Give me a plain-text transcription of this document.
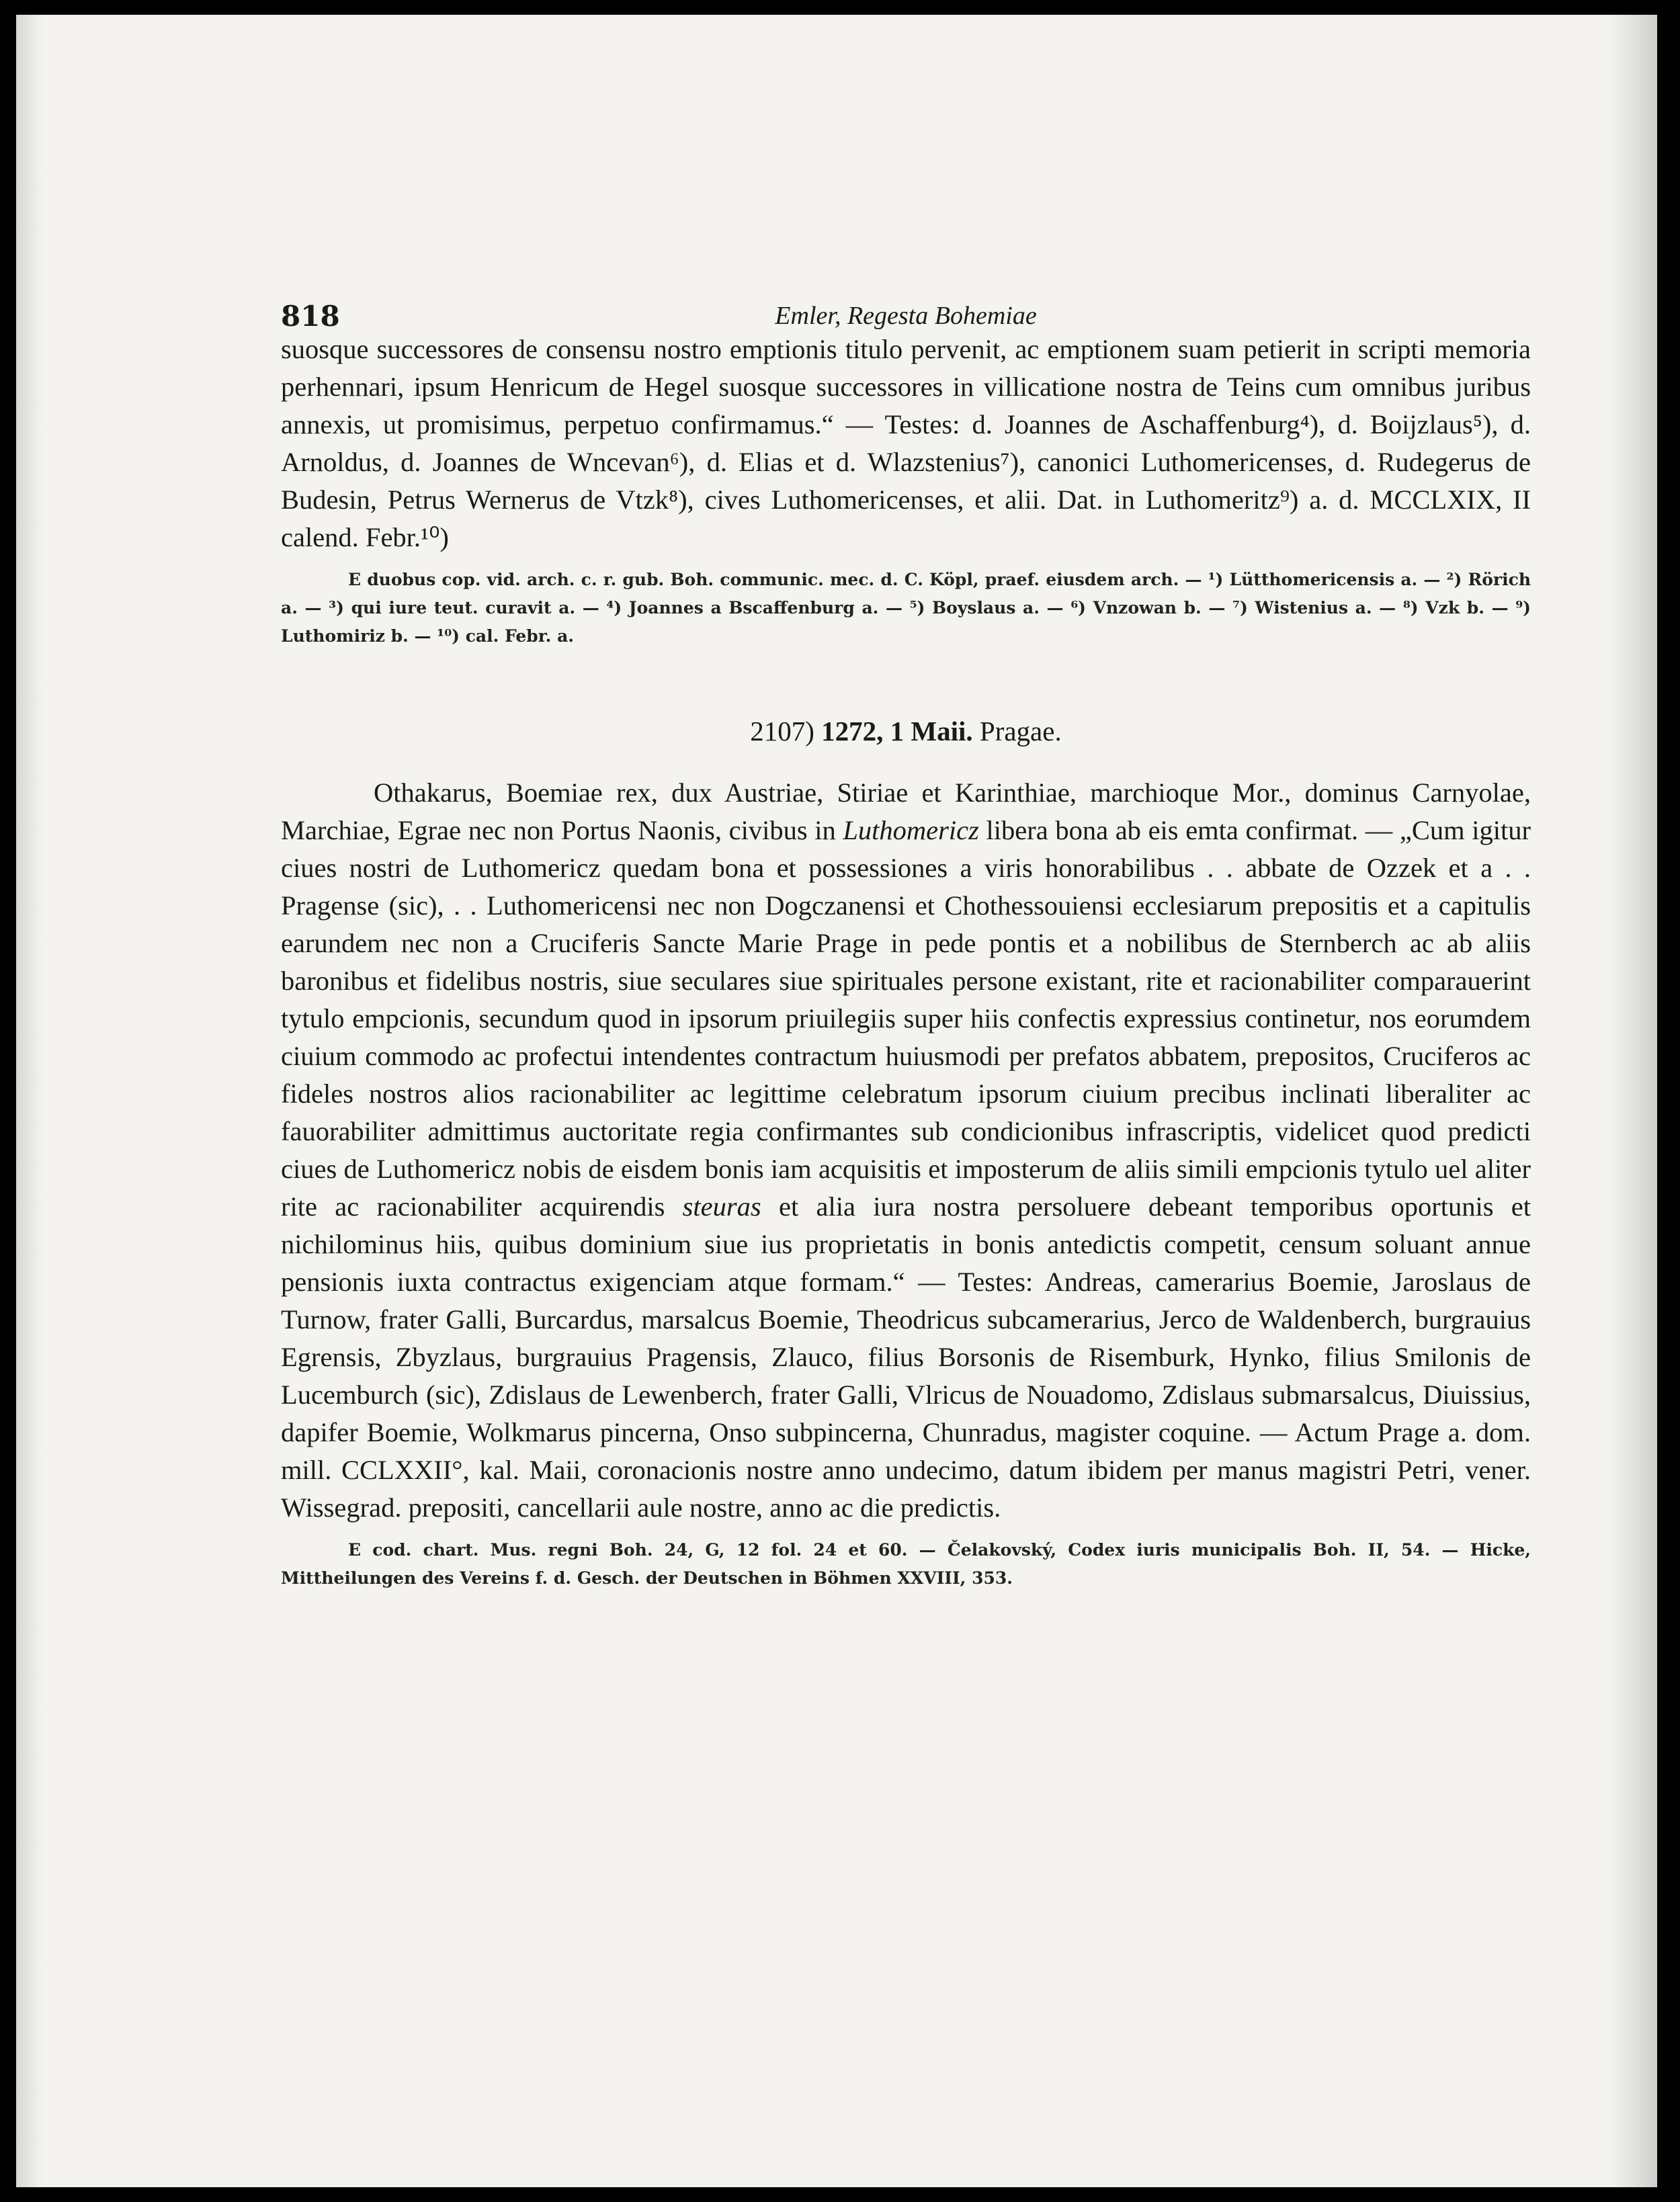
818	Emler, Regesta Bohemiae

suosque successores de consensu nostro emptionis titulo pervenit, ac emptionem suam petierit in scripti memoria perhennari, ipsum Henricum de Hegel suosque successores in villicatione nostra de Teins cum omnibus juribus annexis, ut promisimus, perpetuo confirmamus.“ — Testes: d. Joannes de Aschaffenburg⁴), d. Boijzlaus⁵), d. Arnoldus, d. Joannes de Wncevan⁶), d. Elias et d. Wlazstenius⁷), canonici Luthomericenses, d. Rudegerus de Budesin, Petrus Wernerus de Vtzk⁸), cives Luthomericenses, et alii. Dat. in Luthomeritz⁹) a. d. MCCLXIX, II calend. Febr.¹⁰)

E duobus cop. vid. arch. c. r. gub. Boh. communic. mec. d. C. Köpl, praef. eiusdem arch. — ¹) Lütthomericensis a. — ²) Rörich a. — ³) qui iure teut. curavit a. — ⁴) Joannes a Bscaffenburg a. — ⁵) Boyslaus a. — ⁶) Vnzowan b. — ⁷) Wistenius a. — ⁸) Vzk b. — ⁹) Luthomiriz b. — ¹⁰) cal. Febr. a.

2107) 1272, 1 Maii. Pragae.

Othakarus, Boemiae rex, dux Austriae, Stiriae et Karinthiae, marchioque Mor., dominus Carnyolae, Marchiae, Egrae nec non Portus Naonis, civibus in Luthomericz libera bona ab eis emta confirmat. — „Cum igitur ciues nostri de Luthomericz quedam bona et possessiones a viris honorabilibus . . abbate de Ozzek et a . . Pragense (sic), . . Luthomericensi nec non Dogczanensi et Chothessouiensi ecclesiarum prepositis et a capitulis earundem nec non a Cruciferis Sancte Marie Prage in pede pontis et a nobilibus de Sternberch ac ab aliis baronibus et fidelibus nostris, siue seculares siue spirituales persone existant, rite et racionabiliter comparauerint tytulo empcionis, secundum quod in ipsorum priuilegiis super hiis confectis expressius continetur, nos eorumdem ciuium commodo ac profectui intendentes contractum huiusmodi per prefatos abbatem, prepositos, Cruciferos ac fideles nostros alios racionabiliter ac legittime celebratum ipsorum ciuium precibus inclinati liberaliter ac fauorabiliter admittimus auctoritate regia confirmantes sub condicionibus infrascriptis, videlicet quod predicti ciues de Luthomericz nobis de eisdem bonis iam acquisitis et imposterum de aliis simili empcionis tytulo uel aliter rite ac racionabiliter acquirendis steuras et alia iura nostra persoluere debeant temporibus oportunis et nichilominus hiis, quibus dominium siue ius proprietatis in bonis antedictis competit, censum soluant annue pensionis iuxta contractus exigenciam atque formam.“ — Testes: Andreas, camerarius Boemie, Jaroslaus de Turnow, frater Galli, Burcardus, marsalcus Boemie, Theodricus subcamerarius, Jerco de Waldenberch, burgrauius Egrensis, Zbyzlaus, burgrauius Pragensis, Zlauco, filius Borsonis de Risemburk, Hynko, filius Smilonis de Lucemburch (sic), Zdislaus de Lewenberch, frater Galli, Vlricus de Nouadomo, Zdislaus submarsalcus, Diuissius, dapifer Boemie, Wolkmarus pincerna, Onso subpincerna, Chunradus, magister coquine. — Actum Prage a. dom. mill. CCLXXII°, kal. Maii, coronacionis nostre anno undecimo, datum ibidem per manus magistri Petri, vener. Wissegrad. prepositi, cancellarii aule nostre, anno ac die predictis.

E cod. chart. Mus. regni Boh. 24, G, 12 fol. 24 et 60. — Čelakovský, Codex iuris municipalis Boh. II, 54. — Hicke, Mittheilungen des Vereins f. d. Gesch. der Deutschen in Böhmen XXVIII, 353.
